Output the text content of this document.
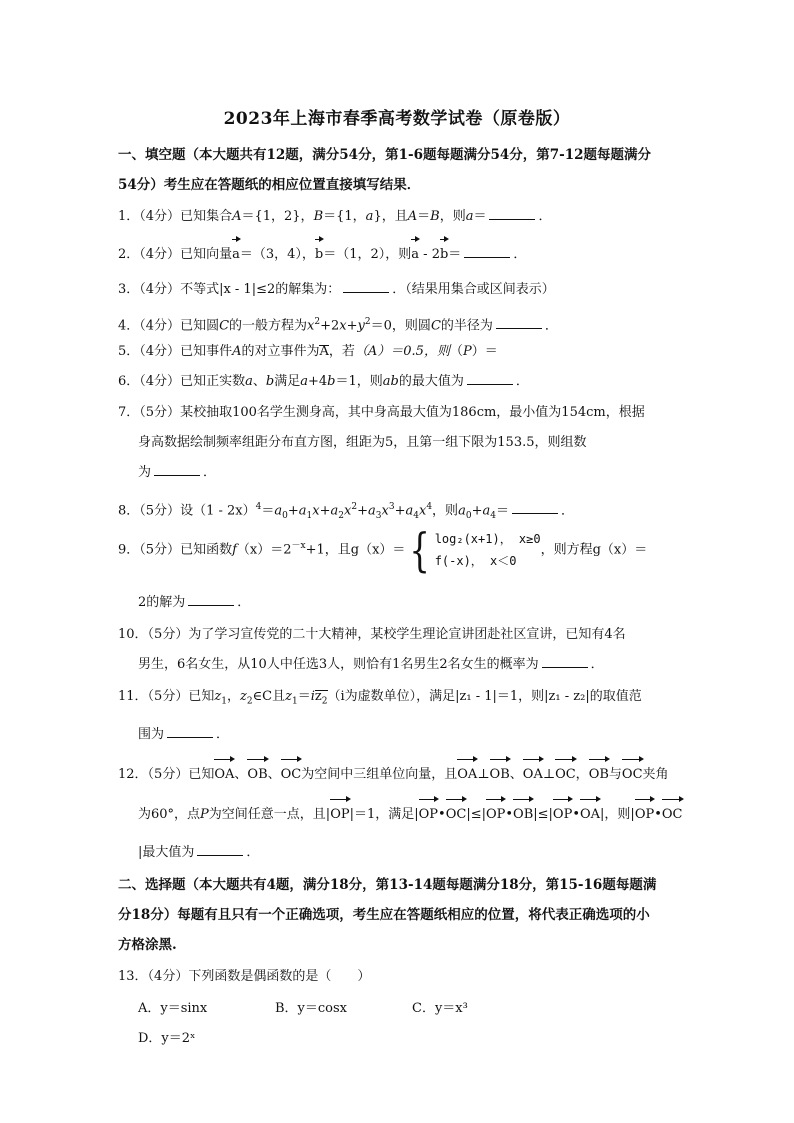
2023年上海市春季高考数学试卷（原卷版）
一、填空题（本大题共有12题，满分54分，第1-6题每题满分54分，第7-12题每题满分
54分）考生应在答题纸的相应位置直接填写结果．
1．（4分）已知集合A＝{1，2}，B＝{1，a}，且A＝B，则a＝	．
2．（4分）已知向量a＝（3，4），b＝（1，2），则a - 2b＝	．
3．（4分）不等式|x - 1|≤2的解集为：	．（结果用集合或区间表示）
4．（4分）已知圆C的一般方程为$x^2+2x+y^2=0$，则圆C的半径为	．
5．（4分）已知事件A的对立事件为A，若（A）＝0.5，则（P）＝
6．（4分）已知正实数a、b满足a+4b＝1，则ab的最大值为	．
7．（5分）某校抽取100名学生测身高，其中身高最大值为186cm，最小值为154cm，根据
身高数据绘制频率组距分布直方图，组距为5，且第一组下限为153.5，则组数
为	．
8．（5分）设$(1 - 2x)^4=a_0+a_1x+a_2x^2+a_3x^3+a_4x^4$，则$a_0+a_4=$	．
9．（5分）已知函数$f(x)=2^{-x}+1$，且g（x）＝{ log₂(x+1)， x≥0
f(-x)， x＜0
，则方程g（x）＝
2的解为	．
10．（5分）为了学习宣传党的二十大精神，某校学生理论宣讲团赴社区宣讲，已知有4名
男生，6名女生，从10人中任选3人，则恰有1名男生2名女生的概率为	．
11．（5分）已知$z_1$，$z_2\in C$且$z_1=iz_2(i$为虚数单位），满足|z₁ - 1|＝1，则|z₁ - z₂|的取值范
围为	．
12．（5分）已知OA、OB、OC为空间中三组单位向量，且OA⊥OB、OA⊥OC，OB与OC夹角
为60°，点P为空间任意一点，且|OP|＝1，满足|OP•OC|≤|OP•OB|≤|OP•OA|，则|OP•OC
|最大值为	．
二、选择题（本大题共有4题，满分18分，第13-14题每题满分18分，第15-16题每题满
分18分）每题有且只有一个正确选项，考生应在答题纸相应的位置，将代表正确选项的小
方格涂黑.
13．（4分）下列函数是偶函数的是（　　）
A．y＝sinx	B．y＝cosx	C．y＝x³D．y＝2ˣ
